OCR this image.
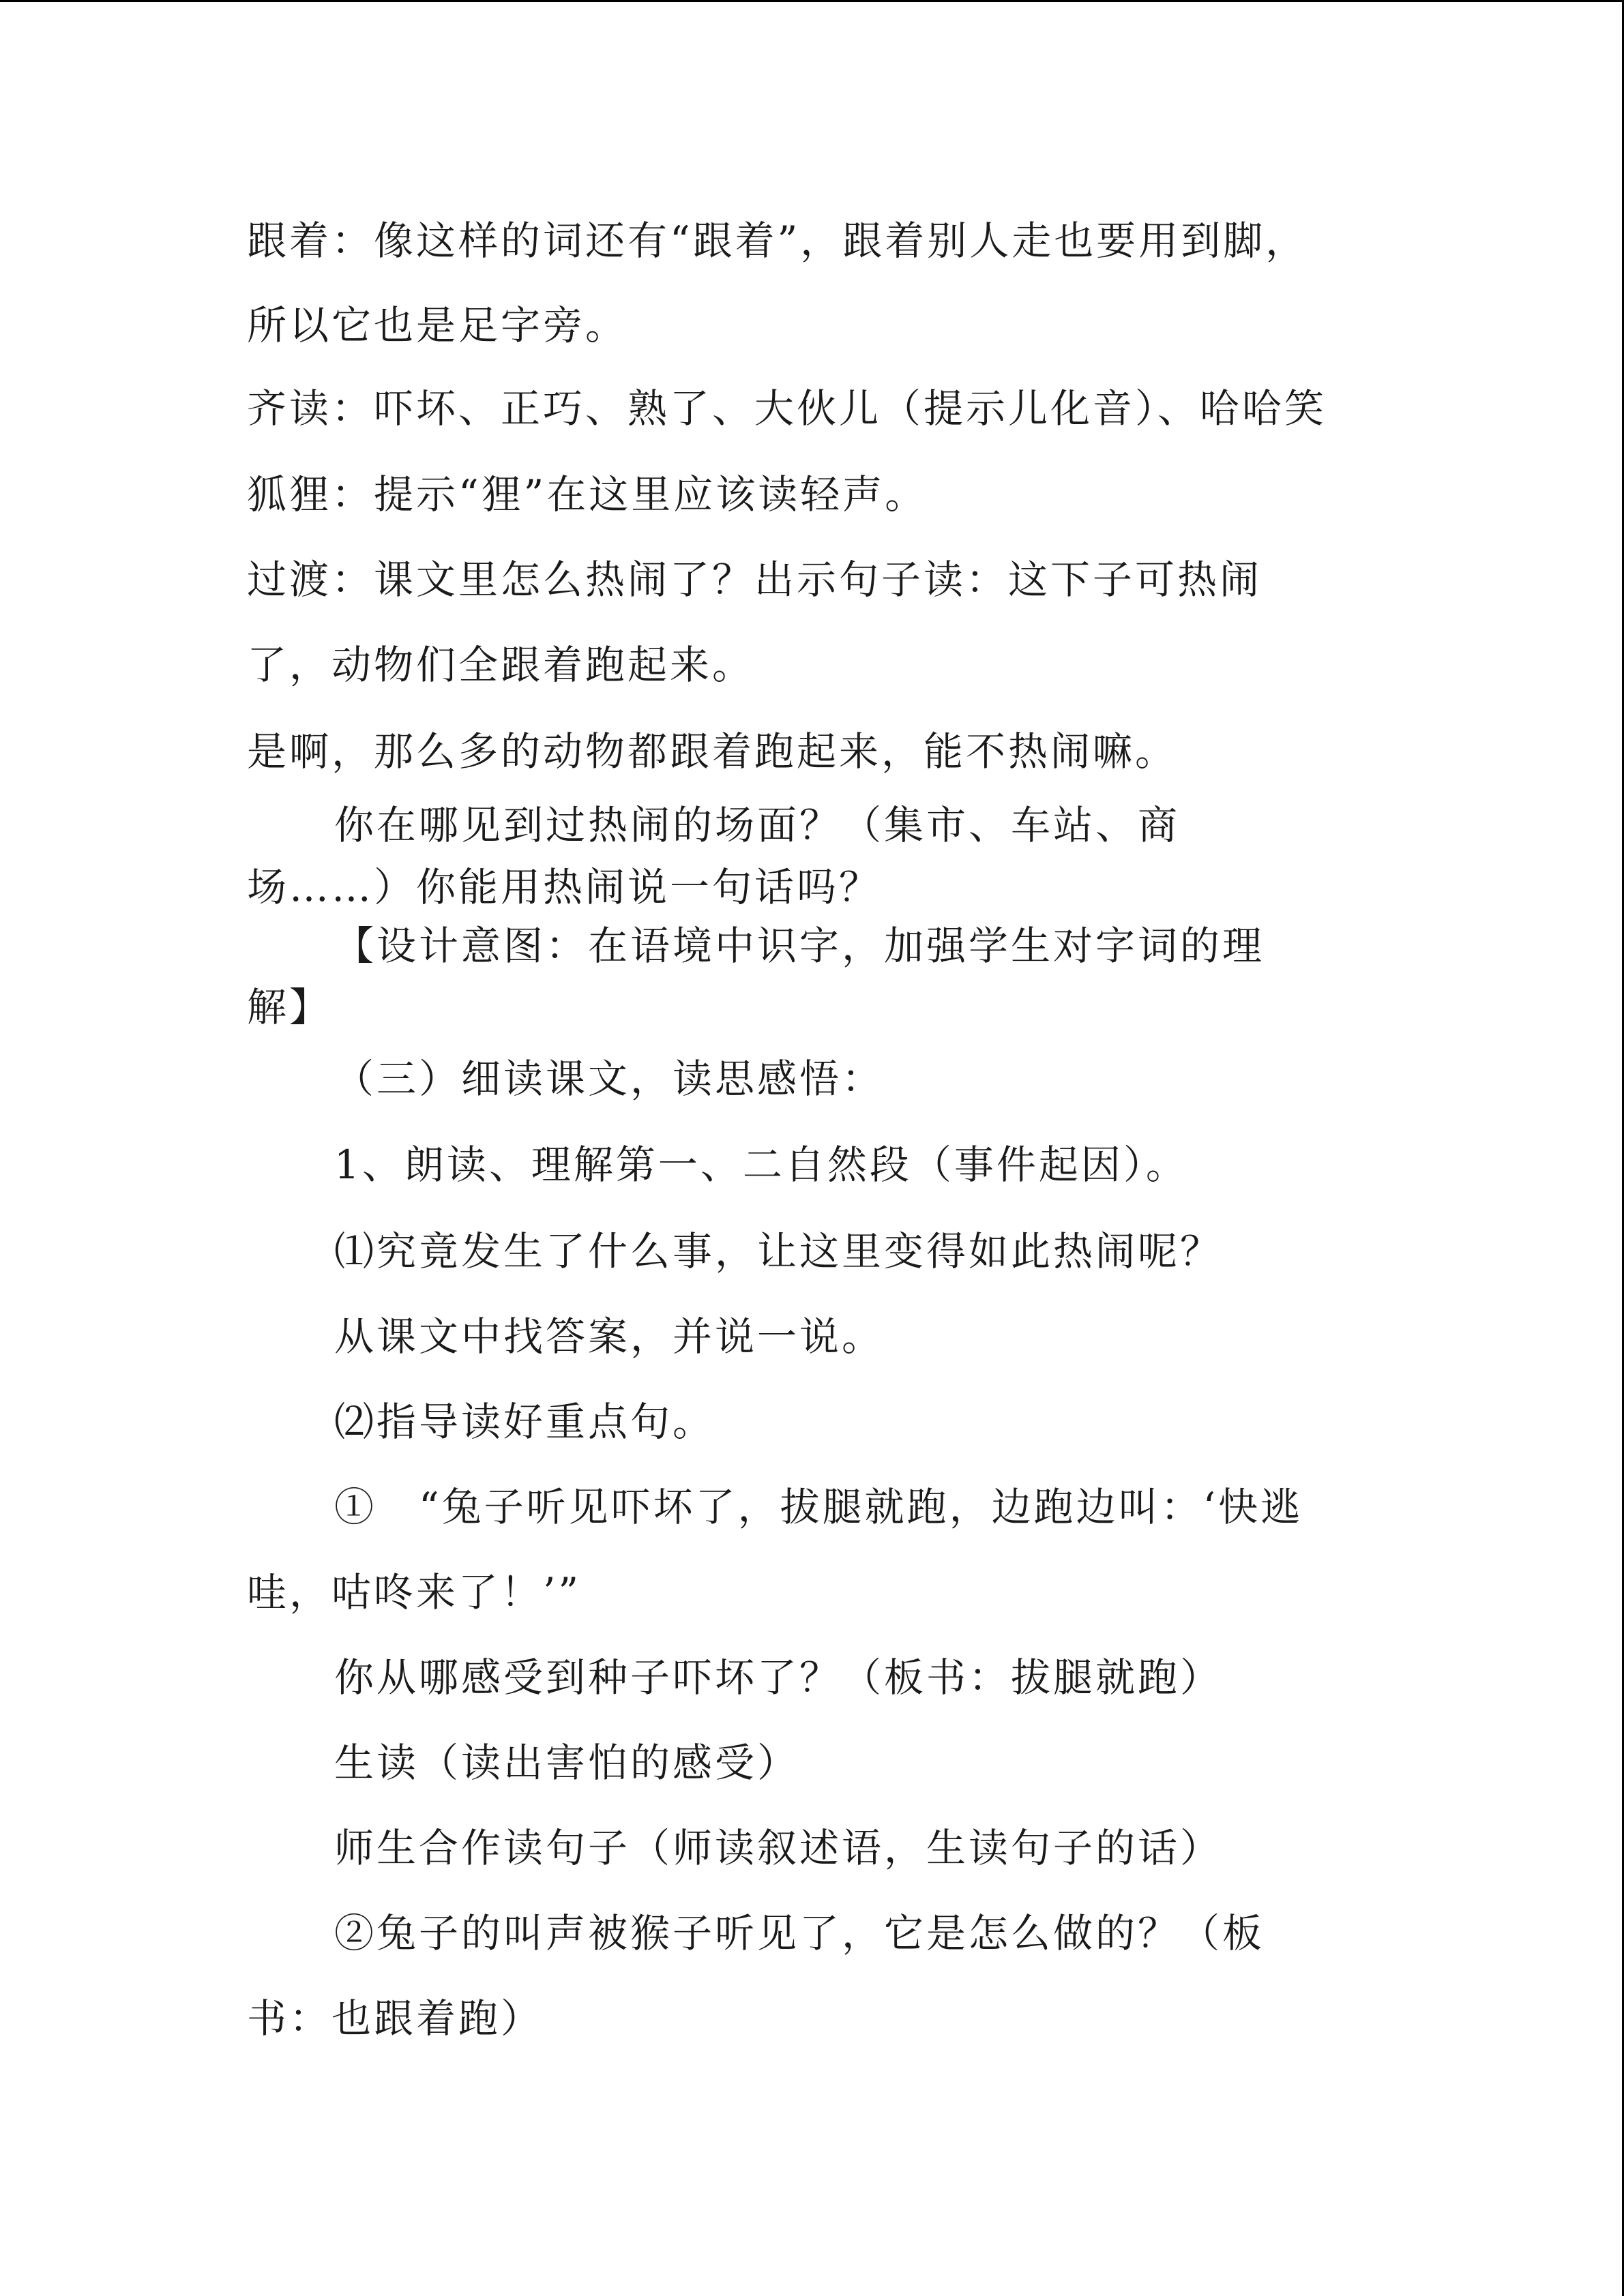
跟着：像这样的词还有“跟着”，跟着别人走也要用到脚，
所以它也是足字旁。
齐读：吓坏、正巧、熟了、大伙儿（提示儿化音）、哈哈笑
狐狸：提示“狸”在这里应该读轻声。
过渡：课文里怎么热闹了？出示句子读：这下子可热闹
了，动物们全跟着跑起来。
是啊，那么多的动物都跟着跑起来，能不热闹嘛。
你在哪见到过热闹的场面？（集市、车站、商
场……）你能用热闹说一句话吗？
【设计意图：在语境中识字，加强学生对字词的理
解】
（三）细读课文，读思感悟：
1、朗读、理解第一、二自然段（事件起因）。
⑴究竟发生了什么事，让这里变得如此热闹呢？
从课文中找答案，并说一说。
⑵指导读好重点句。
①　“兔子听见吓坏了，拔腿就跑，边跑边叫：‘快逃
哇，咕咚来了！’”
你从哪感受到种子吓坏了？（板书：拔腿就跑）
生读（读出害怕的感受）
师生合作读句子（师读叙述语，生读句子的话）
②兔子的叫声被猴子听见了，它是怎么做的？（板
书：也跟着跑）
